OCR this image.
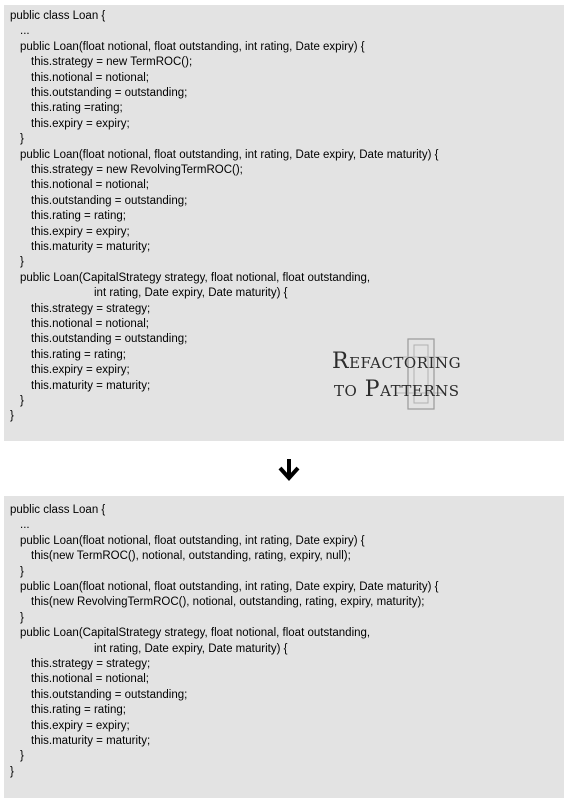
public class Loan {
...
public Loan(float notional, float outstanding, int rating, Date expiry) {
this.strategy = new TermROC();
this.notional = notional;
this.outstanding = outstanding;
this.rating =rating;
this.expiry = expiry;
}
public Loan(float notional, float outstanding, int rating, Date expiry, Date maturity) {
this.strategy = new RevolvingTermROC();
this.notional = notional;
this.outstanding = outstanding;
this.rating = rating;
this.expiry = expiry;
this.maturity = maturity;
}
public Loan(CapitalStrategy strategy, float notional, float outstanding,
int rating, Date expiry, Date maturity) {
this.strategy = strategy;
this.notional = notional;
this.outstanding = outstanding;
this.rating = rating;
this.expiry = expiry;
this.maturity = maturity;
}
}
Refactoring
to Patterns
public class Loan {
...
public Loan(float notional, float outstanding, int rating, Date expiry) {
this(new TermROC(), notional, outstanding, rating, expiry, null);
}
public Loan(float notional, float outstanding, int rating, Date expiry, Date maturity) {
this(new RevolvingTermROC(), notional, outstanding, rating, expiry, maturity);
}
public Loan(CapitalStrategy strategy, float notional, float outstanding,
int rating, Date expiry, Date maturity) {
this.strategy = strategy;
this.notional = notional;
this.outstanding = outstanding;
this.rating = rating;
this.expiry = expiry;
this.maturity = maturity;
}
}
